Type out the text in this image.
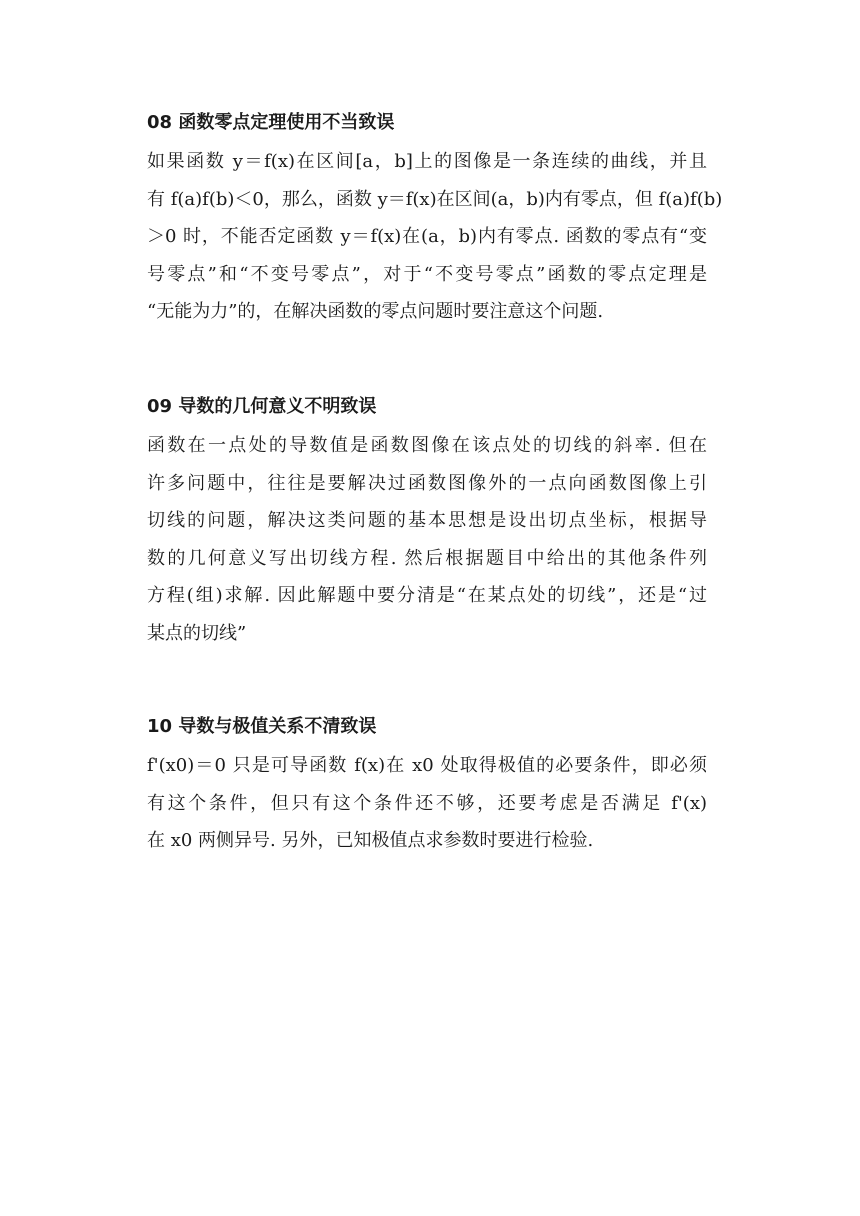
08 函数零点定理使用不当致误
如果函数 y＝f(x)在区间[a，b]上的图像是一条连续的曲线，并且
有 f(a)f(b)＜0，那么，函数 y＝f(x)在区间(a，b)内有零点，但 f(a)f(b)
＞0 时，不能否定函数 y＝f(x)在(a，b)内有零点. 函数的零点有“变
号零点”和“不变号零点”，对于“不变号零点”函数的零点定理是
“无能为力”的，在解决函数的零点问题时要注意这个问题.
09 导数的几何意义不明致误
函数在一点处的导数值是函数图像在该点处的切线的斜率. 但在
许多问题中，往往是要解决过函数图像外的一点向函数图像上引
切线的问题，解决这类问题的基本思想是设出切点坐标，根据导
数的几何意义写出切线方程. 然后根据题目中给出的其他条件列
方程(组)求解. 因此解题中要分清是“在某点处的切线”，还是“过
某点的切线”
10 导数与极值关系不清致误
f'(x0)＝0 只是可导函数 f(x)在 x0 处取得极值的必要条件，即必须
有这个条件，但只有这个条件还不够，还要考虑是否满足 f'(x)
在 x0 两侧异号. 另外，已知极值点求参数时要进行检验.
